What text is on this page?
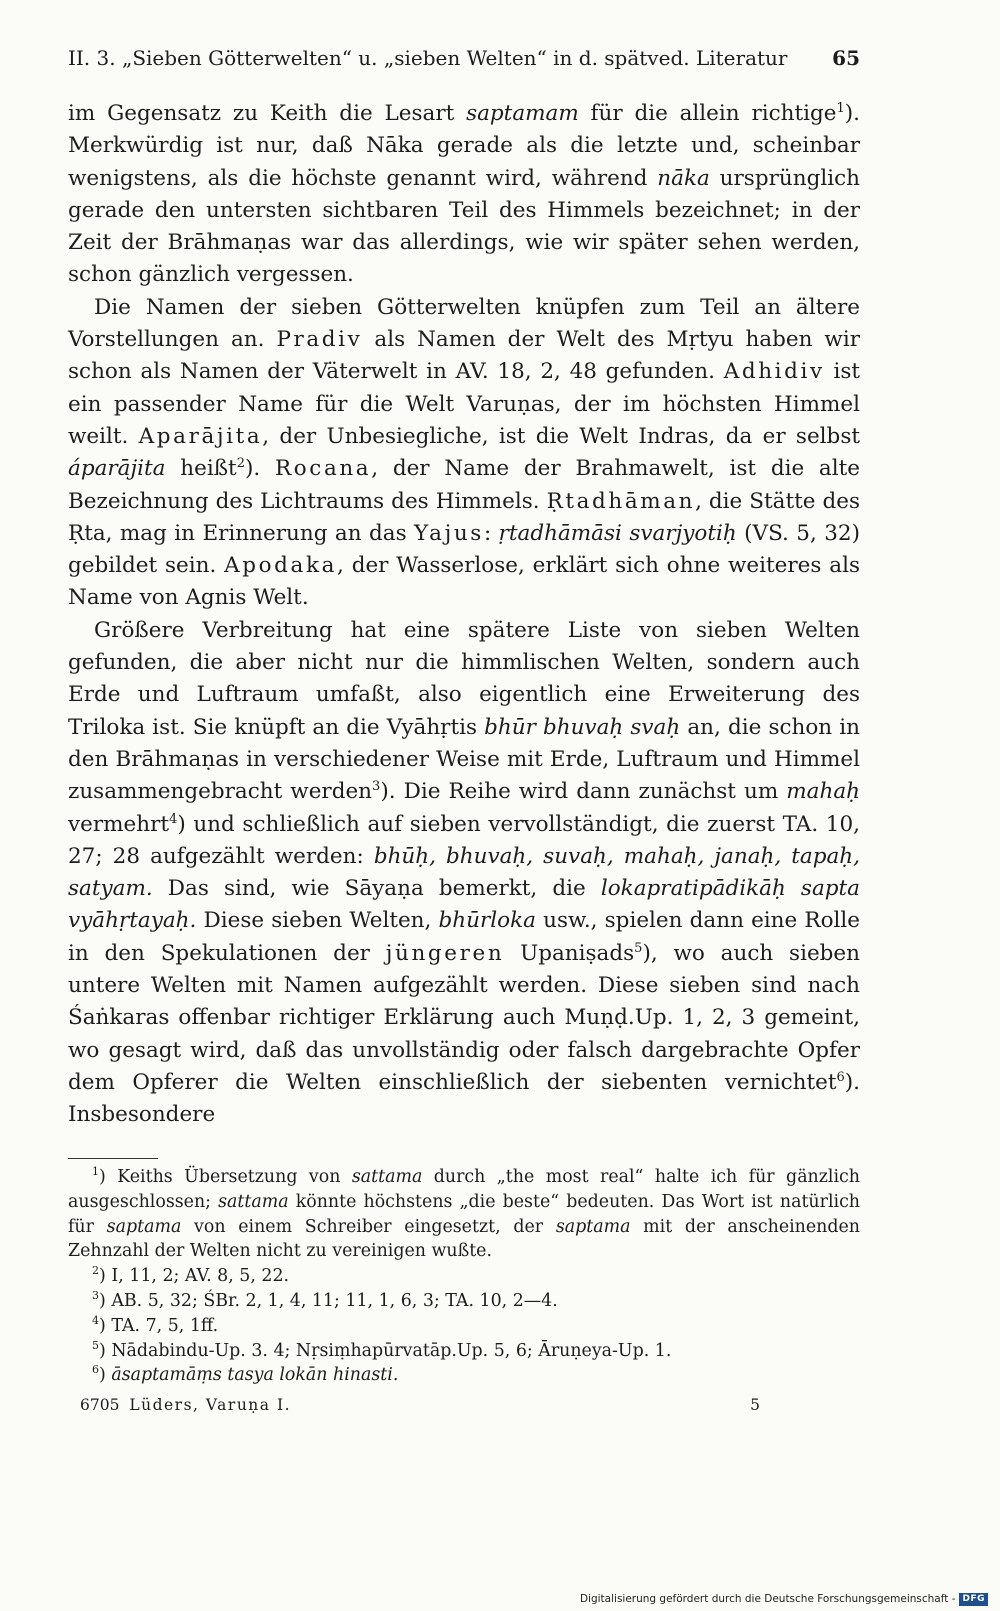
II. 3. „Sieben Götterwelten“ u. „sieben Welten“ in d. spätved. Literatur 65

im Gegensatz zu Keith die Lesart saptamam für die allein richtige$^1$). Merkwürdig ist nur, daß Nāka gerade als die letzte und, scheinbar wenigstens, als die höchste genannt wird, während nāka ursprünglich gerade den untersten sichtbaren Teil des Himmels bezeichnet; in der Zeit der Brāhmaṇas war das allerdings, wie wir später sehen werden, schon gänzlich vergessen.

Die Namen der sieben Götterwelten knüpfen zum Teil an ältere Vorstellungen an. Pradiv als Namen der Welt des Mṛtyu haben wir schon als Namen der Väterwelt in AV. 18, 2, 48 gefunden. Adhidiv ist ein passender Name für die Welt Varuṇas, der im höchsten Himmel weilt. Aparājita, der Unbesiegliche, ist die Welt Indras, da er selbst áparājita heißt$^2$). Rocana, der Name der Brahmawelt, ist die alte Bezeichnung des Lichtraums des Himmels. Ṛtadhāman, die Stätte des Ṛta, mag in Erinnerung an das Yajus: ṛtadhāmāsi svarjyotiḥ (VS. 5, 32) gebildet sein. Apodaka, der Wasserlose, erklärt sich ohne weiteres als Name von Agnis Welt.

Größere Verbreitung hat eine spätere Liste von sieben Welten gefunden, die aber nicht nur die himmlischen Welten, sondern auch Erde und Luftraum umfaßt, also eigentlich eine Erweiterung des Triloka ist. Sie knüpft an die Vyāhṛtis bhūr bhuvaḥ svaḥ an, die schon in den Brāhmaṇas in verschiedener Weise mit Erde, Luftraum und Himmel zusammengebracht werden$^3$). Die Reihe wird dann zunächst um mahaḥ vermehrt$^4$) und schließlich auf sieben vervollständigt, die zuerst TA. 10, 27; 28 aufgezählt werden: bhūḥ, bhuvaḥ, suvaḥ, mahaḥ, janaḥ, tapaḥ, satyam. Das sind, wie Sāyaṇa bemerkt, die lokapratipādikāḥ sapta vyāhṛtayaḥ. Diese sieben Welten, bhūrloka usw., spielen dann eine Rolle in den Spekulationen der jüngeren Upaniṣads$^5$), wo auch sieben untere Welten mit Namen aufgezählt werden. Diese sieben sind nach Śaṅkaras offenbar richtiger Erklärung auch Muṇḍ.Up. 1, 2, 3 gemeint, wo gesagt wird, daß das unvollständig oder falsch dargebrachte Opfer dem Opferer die Welten einschließlich der siebenten vernichtet$^6$). Insbesondere

$^1$) Keiths Übersetzung von sattama durch „the most real“ halte ich für gänzlich ausgeschlossen; sattama könnte höchstens „die beste“ bedeuten. Das Wort ist natürlich für saptama von einem Schreiber eingesetzt, der saptama mit der anscheinenden Zehnzahl der Welten nicht zu vereinigen wußte.

$^2$) I, 11, 2; AV. 8, 5, 22.

$^3$) AB. 5, 32; ŚBr. 2, 1, 4, 11; 11, 1, 6, 3; TA. 10, 2—4.

$^4$) TA. 7, 5, 1ff.

$^5$) Nādabindu-Up. 3. 4; Nṛsiṃhapūrvatāp.Up. 5, 6; Āruṇeya-Up. 1.

$^6$) āsaptamāṃs tasya lokān hinasti.

6705 Lüders, Varuṇa I.	5
Digitalisierung gefördert durch die Deutsche Forschungsgemeinschaft - DFG
